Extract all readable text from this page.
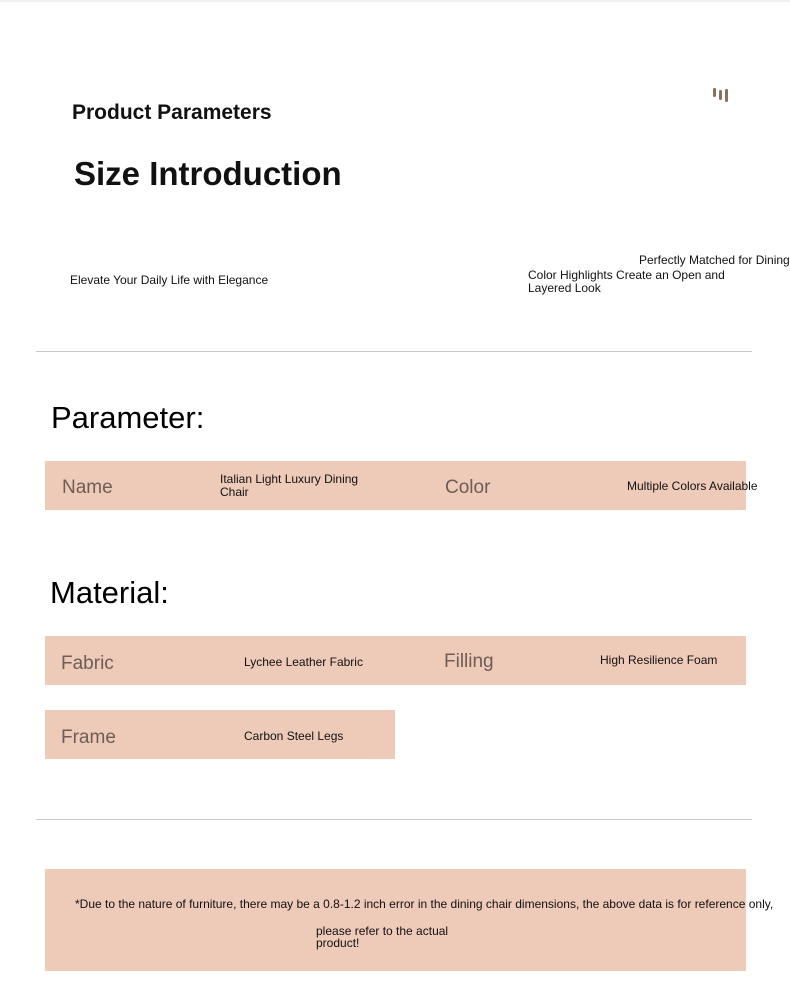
Product Parameters
Size Introduction
Elevate Your Daily Life with Elegance
Perfectly Matched for Dining
Color Highlights Create an Open and Layered Look
Parameter:
Name	Italian Light Luxury Dining Chair	Color	Multiple Colors Available
Material:
Fabric	Lychee Leather Fabric	Filling	High Resilience Foam
Frame	Carbon Steel Legs
*Due to the nature of furniture, there may be a 0.8-1.2 inch error in the dining chair dimensions, the above data is for reference only,
please refer to the actual product!
